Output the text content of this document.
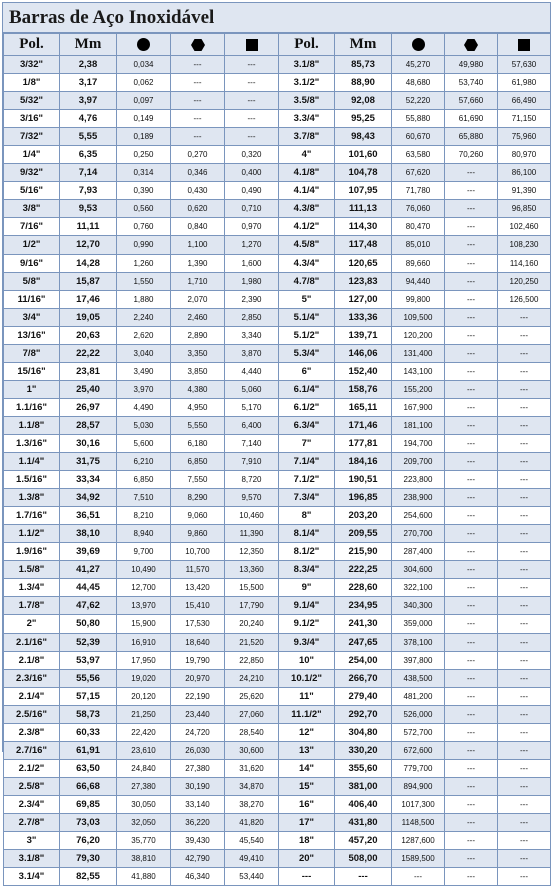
Barras de Aço Inoxidável
Pol.	Mm				Pol.	Mm		

3/32"	2,38	0,034	---	---	3.1/8"	85,73	45,270	49,980	57,630
1/8"	3,17	0,062	---	---	3.1/2"	88,90	48,680	53,740	61,980
5/32"	3,97	0,097	---	---	3.5/8"	92,08	52,220	57,660	66,490
3/16"	4,76	0,149	---	---	3.3/4"	95,25	55,880	61,690	71,150
7/32"	5,55	0,189	---	---	3.7/8"	98,43	60,670	65,880	75,960
1/4"	6,35	0,250	0,270	0,320	4"	101,60	63,580	70,260	80,970
9/32"	7,14	0,314	0,346	0,400	4.1/8"	104,78	67,620	---	86,100
5/16"	7,93	0,390	0,430	0,490	4.1/4"	107,95	71,780	---	91,390
3/8"	9,53	0,560	0,620	0,710	4.3/8"	111,13	76,060	---	96,850
7/16"	11,11	0,760	0,840	0,970	4.1/2"	114,30	80,470	---	102,460
1/2"	12,70	0,990	1,100	1,270	4.5/8"	117,48	85,010	---	108,230
9/16"	14,28	1,260	1,390	1,600	4.3/4"	120,65	89,660	---	114,160
5/8"	15,87	1,550	1,710	1,980	4.7/8"	123,83	94,440	---	120,250
11/16"	17,46	1,880	2,070	2,390	5"	127,00	99,800	---	126,500
3/4"	19,05	2,240	2,460	2,850	5.1/4"	133,36	109,500	---	---
13/16"	20,63	2,620	2,890	3,340	5.1/2"	139,71	120,200	---	---
7/8"	22,22	3,040	3,350	3,870	5.3/4"	146,06	131,400	---	---
15/16"	23,81	3,490	3,850	4,440	6"	152,40	143,100	---	---
1"	25,40	3,970	4,380	5,060	6.1/4"	158,76	155,200	---	---
1.1/16"	26,97	4,490	4,950	5,170	6.1/2"	165,11	167,900	---	---
1.1/8"	28,57	5,030	5,550	6,400	6.3/4"	171,46	181,100	---	---
1.3/16"	30,16	5,600	6,180	7,140	7"	177,81	194,700	---	---
1.1/4"	31,75	6,210	6,850	7,910	7.1/4"	184,16	209,700	---	---
1.5/16"	33,34	6,850	7,550	8,720	7.1/2"	190,51	223,800	---	---
1.3/8"	34,92	7,510	8,290	9,570	7.3/4"	196,85	238,900	---	---
1.7/16"	36,51	8,210	9,060	10,460	8"	203,20	254,600	---	---
1.1/2"	38,10	8,940	9,860	11,390	8.1/4"	209,55	270,700	---	---
1.9/16"	39,69	9,700	10,700	12,350	8.1/2"	215,90	287,400	---	---
1.5/8"	41,27	10,490	11,570	13,360	8.3/4"	222,25	304,600	---	---
1.3/4"	44,45	12,700	13,420	15,500	9"	228,60	322,100	---	---
1.7/8"	47,62	13,970	15,410	17,790	9.1/4"	234,95	340,300	---	---
2"	50,80	15,900	17,530	20,240	9.1/2"	241,30	359,000	---	---
2.1/16"	52,39	16,910	18,640	21,520	9.3/4"	247,65	378,100	---	---
2.1/8"	53,97	17,950	19,790	22,850	10"	254,00	397,800	---	---
2.3/16"	55,56	19,020	20,970	24,210	10.1/2"	266,70	438,500	---	---
2.1/4"	57,15	20,120	22,190	25,620	11"	279,40	481,200	---	---
2.5/16"	58,73	21,250	23,440	27,060	11.1/2"	292,70	526,000	---	---
2.3/8"	60,33	22,420	24,720	28,540	12"	304,80	572,700	---	---
2.7/16"	61,91	23,610	26,030	30,600	13"	330,20	672,600	---	---
2.1/2"	63,50	24,840	27,380	31,620	14"	355,60	779,700	---	---
2.5/8"	66,68	27,380	30,190	34,870	15"	381,00	894,900	---	---
2.3/4"	69,85	30,050	33,140	38,270	16"	406,40	1017,300	---	---
2.7/8"	73,03	32,050	36,220	41,820	17"	431,80	1148,500	---	---
3"	76,20	35,770	39,430	45,540	18"	457,20	1287,600	---	---
3.1/8"	79,30	38,810	42,790	49,410	20"	508,00	1589,500	---	---
3.1/4"	82,55	41,880	46,340	53,440	---	---	---	---	---
